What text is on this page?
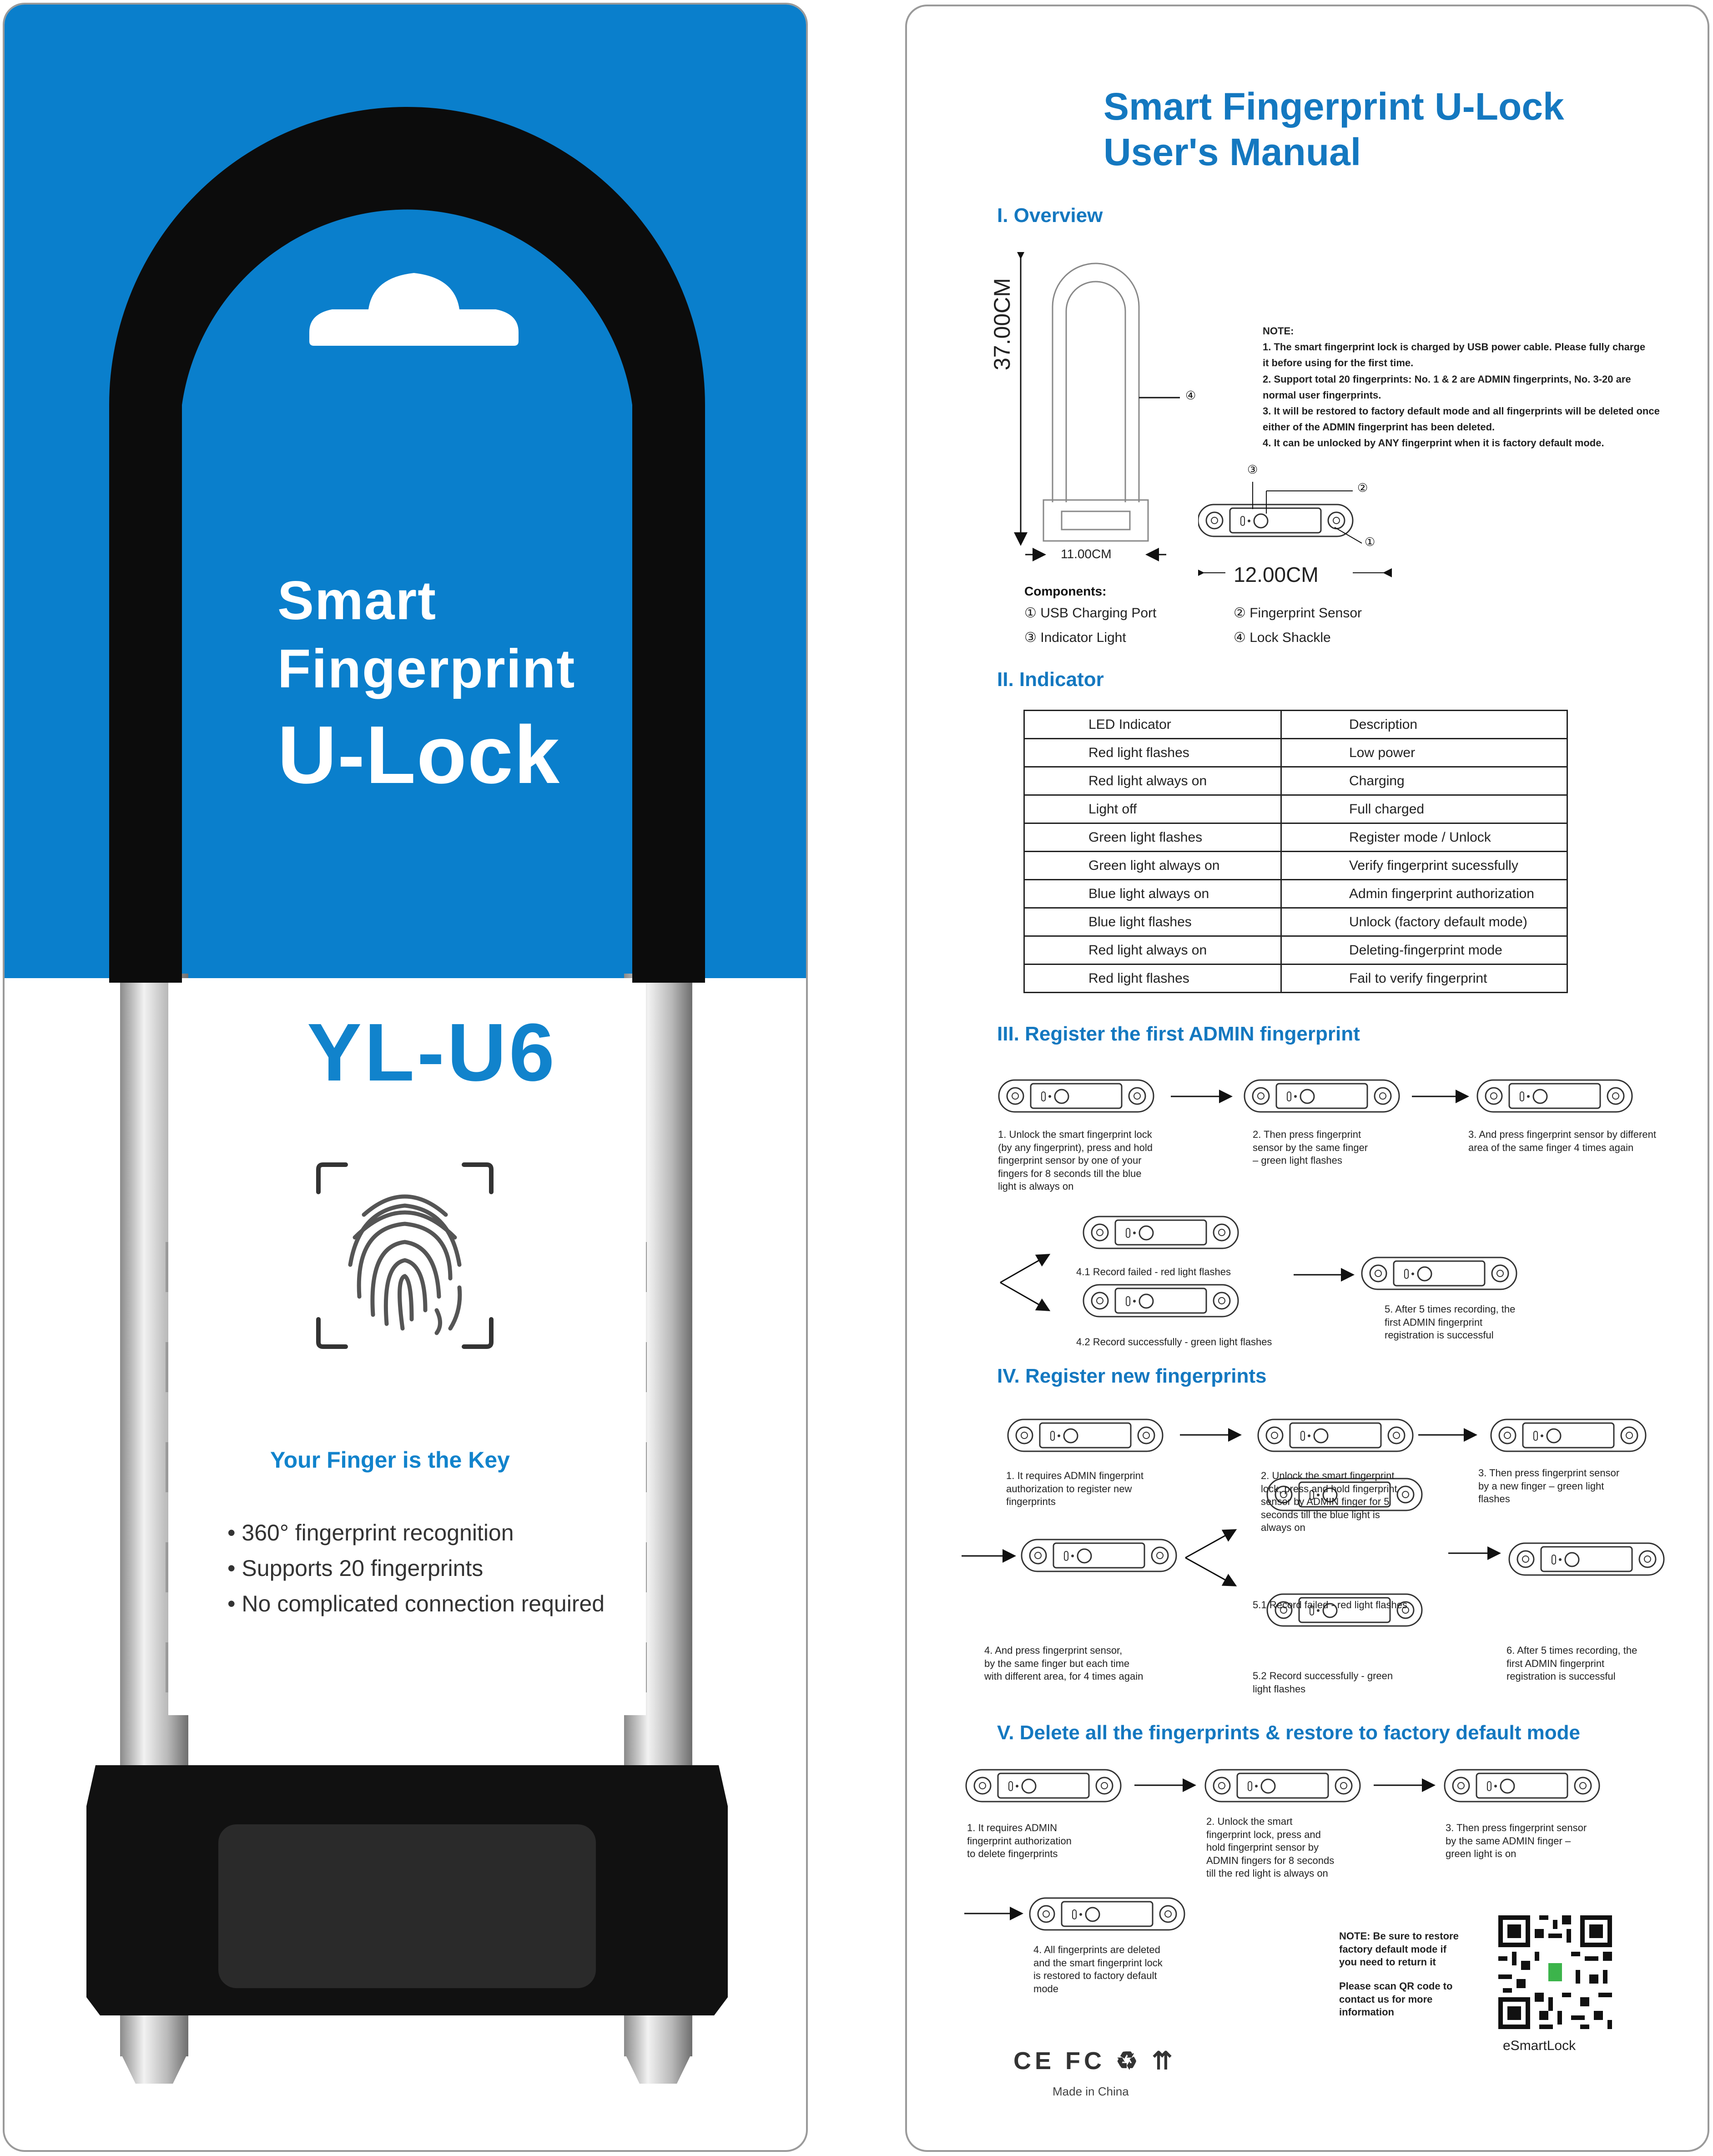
Smart
Fingerprint
U-Lock
YL-U6
Your Finger is the Key
• 360° fingerprint recognition
• Supports 20 fingerprints
• No complicated connection required
Smart Fingerprint U-Lock
User's Manual
I. Overview
37.00CM
11.00CM
④
NOTE:
1. The smart fingerprint lock is charged by USB power cable. Please fully charge
it before using for the first time.
2. Support total 20 fingerprints: No. 1 & 2 are ADMIN fingerprints, No. 3-20 are
normal user fingerprints.
3. It will be restored to factory default mode and all fingerprints will be deleted once
either of the ADMIN fingerprint has been deleted.
4. It can be unlocked by ANY fingerprint when it is factory default mode.
③
②
①
12.00CM
Components:
① USB Charging Port	② Fingerprint Sensor
③ Indicator Light	④ Lock Shackle
II. Indicator
LED Indicator	Description
Red light flashes	Low power
Red light always on	Charging
Light off	Full charged
Green light flashes	Register mode / Unlock
Green light always on	Verify fingerprint sucessfully
Blue light always on	Admin fingerprint authorization
Blue light flashes	Unlock (factory default mode)
Red light always on	Deleting-fingerprint mode
Red light flashes	Fail to verify fingerprint
III. Register the first ADMIN fingerprint
1. Unlock the smart fingerprint lock
(by any fingerprint), press and hold
fingerprint sensor by one of your
fingers for 8 seconds till the blue
light is always on
2. Then press fingerprint
sensor by the same finger
– green light flashes
3. And press fingerprint sensor by different
area of the same finger 4 times again
4.1 Record failed - red light flashes
4.2 Record successfully - green light flashes
5. After 5 times recording, the
first ADMIN fingerprint
registration is successful
IV. Register new fingerprints
1. It requires ADMIN fingerprint
authorization to register new
fingerprints
2. Unlock the smart fingerprint
lock, press and hold fingerprint
sensor by ADMIN finger for 5
seconds till the blue light is
always on
3. Then press fingerprint sensor
by a new finger – green light
flashes
4. And press fingerprint sensor,
by the same finger but each time
with different area, for 4 times again
5.1 Record failed - red light flashes
5.2 Record successfully - green
light flashes
6. After 5 times recording, the
first ADMIN fingerprint
registration is successful
V. Delete all the fingerprints & restore to factory default mode
1. It requires ADMIN
fingerprint authorization
to delete fingerprints
2. Unlock the smart
fingerprint lock, press and
hold fingerprint sensor by
ADMIN fingers for 8 seconds
till the red light is always on
3. Then press fingerprint sensor
by the same ADMIN finger –
green light is on
4. All fingerprints are deleted
and the smart fingerprint lock
is restored to factory default
mode
NOTE: Be sure to restore
factory default mode if
you need to return it
Please scan QR code to
contact us for more
information
eSmartLock
CE FC ♻ ⇈
Made in China
